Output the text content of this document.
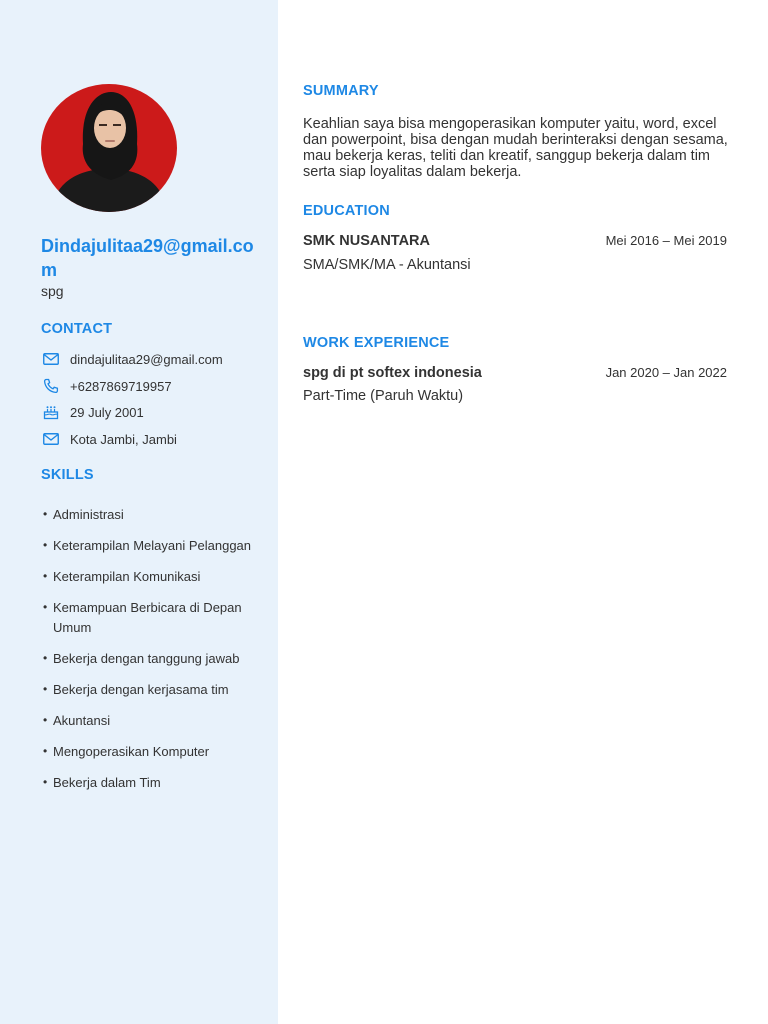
Dindajulitaa29@gmail.com
spg
CONTACT
dindajulitaa29@gmail.com
+6287869719957
29 July 2001
Kota Jambi, Jambi
SKILLS
• Administrasi
• Keterampilan Melayani Pelanggan
• Keterampilan Komunikasi
• Kemampuan Berbicara di Depan Umum
• Bekerja dengan tanggung jawab
• Bekerja dengan kerjasama tim
• Akuntansi
• Mengoperasikan Komputer
• Bekerja dalam Tim
SUMMARY
Keahlian saya bisa mengoperasikan komputer yaitu, word, excel dan powerpoint, bisa dengan mudah berinteraksi dengan sesama, mau bekerja keras, teliti dan kreatif, sanggup bekerja dalam tim serta siap loyalitas dalam bekerja.
EDUCATION
SMK NUSANTARA	Mei 2016 – Mei 2019
SMA/SMK/MA - Akuntansi
WORK EXPERIENCE
spg di pt softex indonesia	Jan 2020 – Jan 2022
Part-Time (Paruh Waktu)
